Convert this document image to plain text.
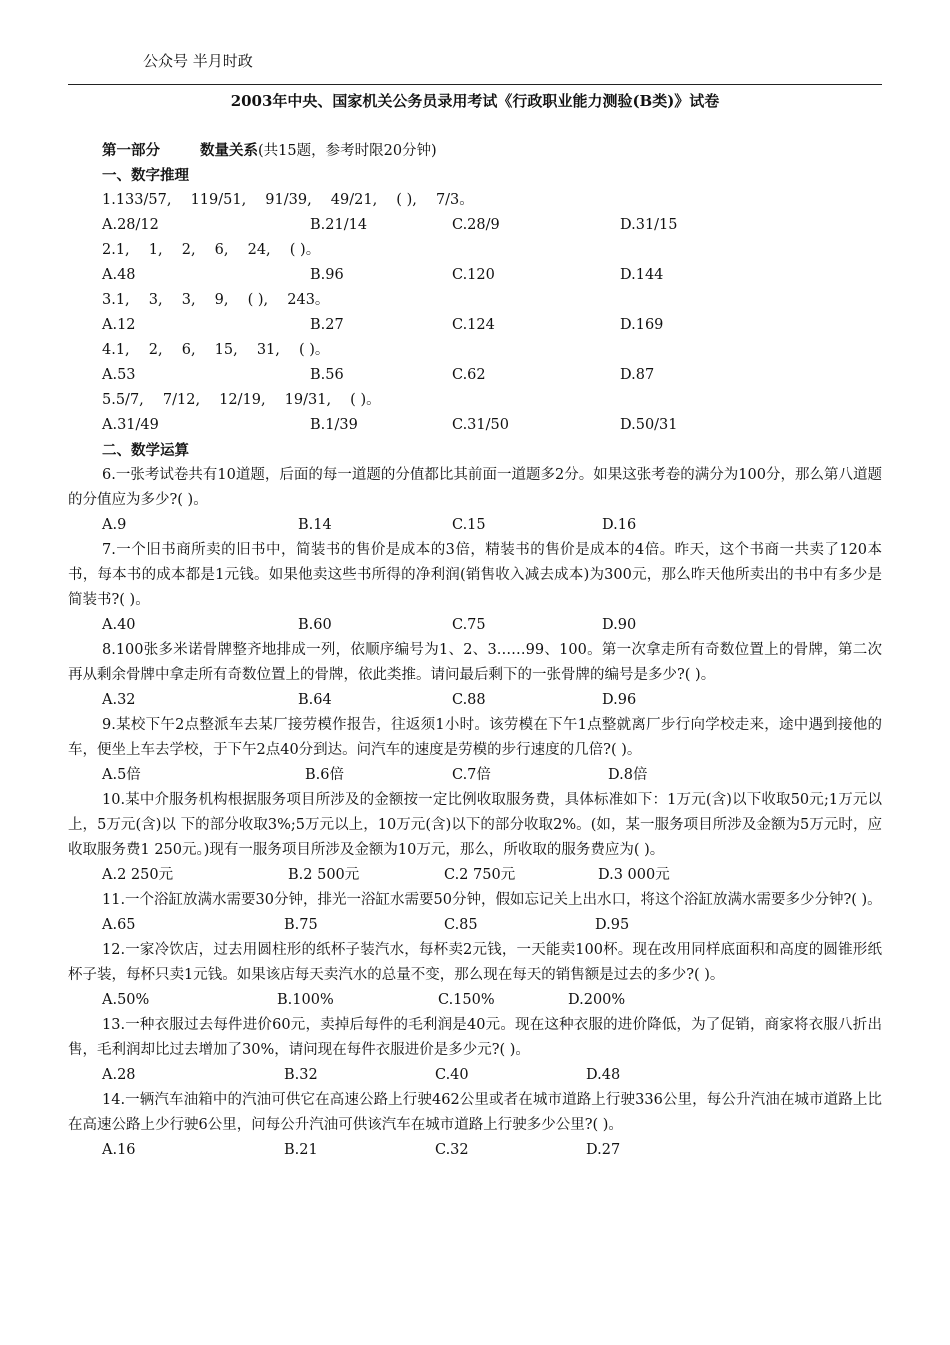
公众号 半月时政
2003年中央、国家机关公务员录用考试《行政职业能力测验(B类)》试卷
第一部分	数量关系(共15题，参考时限20分钟)
一、数字推理
1.133/57,　 119/51,　 91/39,　 49/21,　 ( ),　 7/3。
A.28/12	B.21/14	C.28/9	D.31/15
2.1,　 1,　 2,　 6,　 24,　 ( )。
A.48	B.96	C.120	D.144
3.1,　 3,　 3,　 9,　 ( ),　 243。
A.12	B.27	C.124	D.169
4.1,　 2,　 6,　 15,　 31,　 ( )。
A.53	B.56	C.62	D.87
5.5/7,　 7/12,　 12/19,　 19/31,　 ( )。
A.31/49	B.1/39	C.31/50	D.50/31
二、数学运算
6.一张考试卷共有10道题，后面的每一道题的分值都比其前面一道题多2分。如果这张考卷的满分为100分，那么第八道题的分值应为多少?( )。
A.9	B.14	C.15	D.16
7.一个旧书商所卖的旧书中，简装书的售价是成本的3倍，精装书的售价是成本的4倍。昨天，这个书商一共卖了120本书，每本书的成本都是1元钱。如果他卖这些书所得的净利润(销售收入减去成本)为300元，那么昨天他所卖出的书中有多少是简装书?( )。
A.40	B.60	C.75	D.90
8.100张多米诺骨牌整齐地排成一列，依顺序编号为1、2、3……99、100。第一次拿走所有奇数位置上的骨牌，第二次再从剩余骨牌中拿走所有奇数位置上的骨牌，依此类推。请问最后剩下的一张骨牌的编号是多少?( )。
A.32	B.64	C.88	D.96
9.某校下午2点整派车去某厂接劳模作报告，往返须1小时。该劳模在下午1点整就离厂步行向学校走来，途中遇到接他的车，便坐上车去学校，于下午2点40分到达。问汽车的速度是劳模的步行速度的几倍?( )。
A.5倍	B.6倍	C.7倍	D.8倍
10.某中介服务机构根据服务项目所涉及的金额按一定比例收取服务费，具体标准如下：1万元(含)以下收取50元;1万元以上，5万元(含)以 下的部分收取3%;5万元以上，10万元(含)以下的部分收取2%。(如，某一服务项目所涉及金额为5万元时，应收取服务费1 250元。)现有一服务项目所涉及金额为10万元，那么，所收取的服务费应为( )。
A.2 250元	B.2 500元	C.2 750元	D.3 000元
11.一个浴缸放满水需要30分钟，排光一浴缸水需要50分钟，假如忘记关上出水口，将这个浴缸放满水需要多少分钟?( )。
A.65	B.75	C.85	D.95
12.一家冷饮店，过去用圆柱形的纸杯子装汽水，每杯卖2元钱，一天能卖100杯。现在改用同样底面积和高度的圆锥形纸杯子装，每杯只卖1元钱。如果该店每天卖汽水的总量不变，那么现在每天的销售额是过去的多少?( )。
A.50%	B.100%	C.150%	D.200%
13.一种衣服过去每件进价60元，卖掉后每件的毛利润是40元。现在这种衣服的进价降低，为了促销，商家将衣服八折出售，毛利润却比过去增加了30%，请问现在每件衣服进价是多少元?( )。
A.28	B.32	C.40	D.48
14.一辆汽车油箱中的汽油可供它在高速公路上行驶462公里或者在城市道路上行驶336公里，每公升汽油在城市道路上比在高速公路上少行驶6公里，问每公升汽油可供该汽车在城市道路上行驶多少公里?( )。
A.16	B.21	C.32	D.27
